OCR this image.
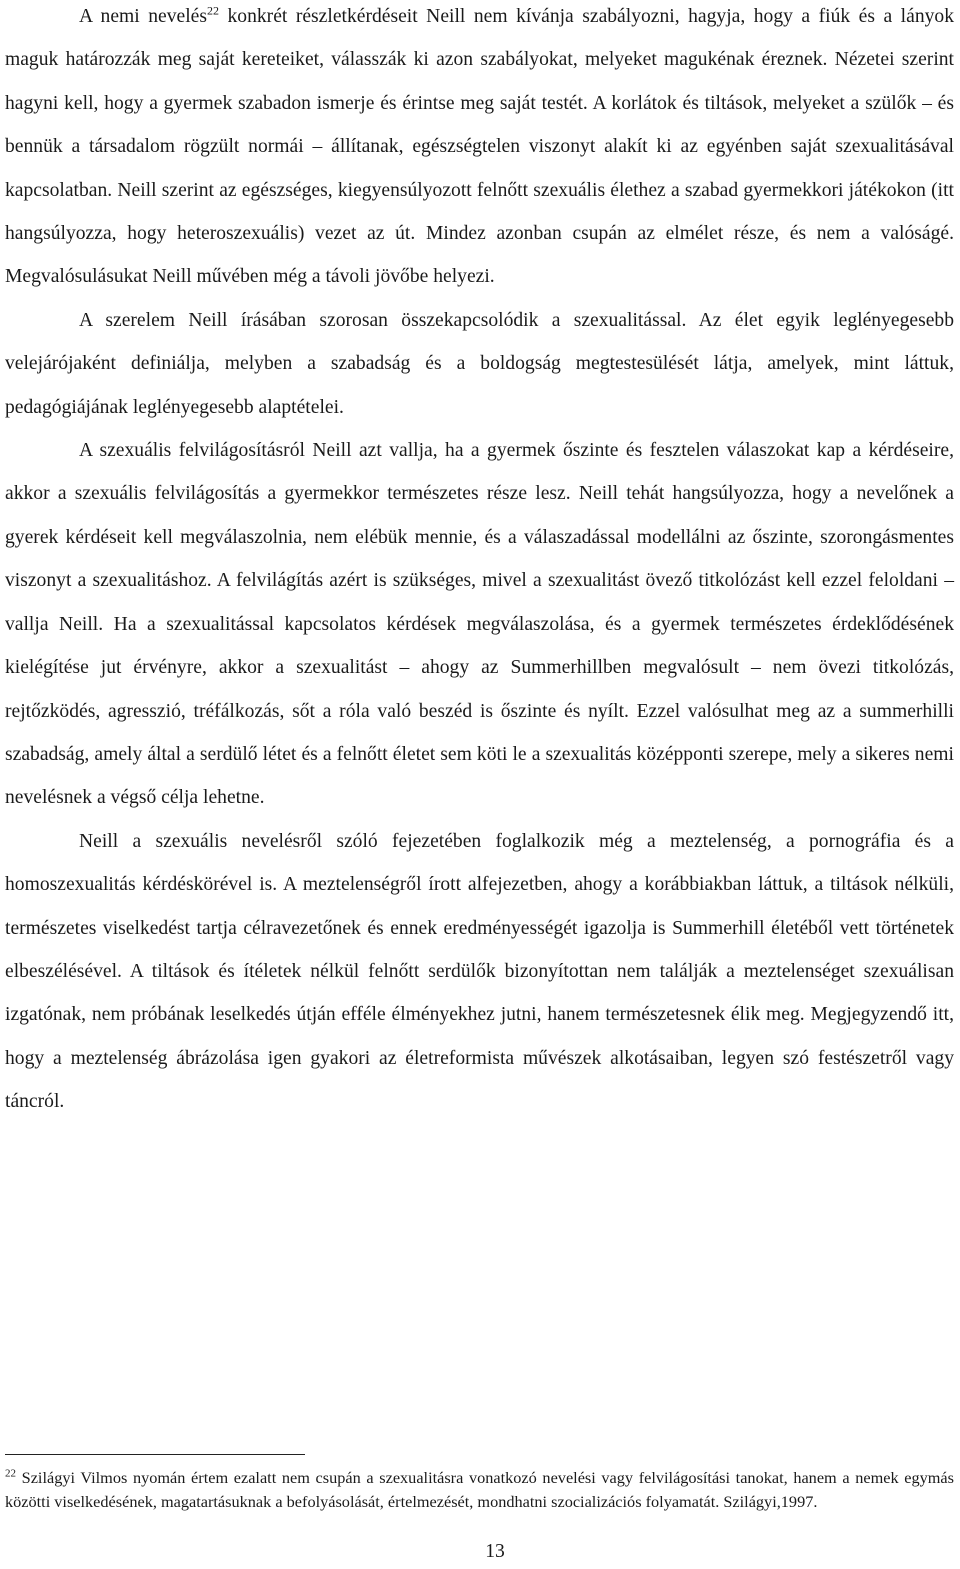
A nemi nevelés$^{22}$ konkrét részletkérdéseit Neill nem kívánja szabályozni, hagyja, hogy a fiúk és a lányok maguk határozzák meg saját kereteiket, válasszák ki azon szabályokat, melyeket magukénak éreznek. Nézetei szerint hagyni kell, hogy a gyermek szabadon ismerje és érintse meg saját testét. A korlátok és tiltások, melyeket a szülők – és bennük a társadalom rögzült normái – állítanak, egészségtelen viszonyt alakít ki az egyénben saját szexualitásával kapcsolatban. Neill szerint az egészséges, kiegyensúlyozott felnőtt szexuális élethez a szabad gyermekkori játékokon (itt hangsúlyozza, hogy heteroszexuális) vezet az út. Mindez azonban csupán az elmélet része, és nem a valóságé. Megvalósulásukat Neill művében még a távoli jövőbe helyezi.

A szerelem Neill írásában szorosan összekapcsolódik a szexualitással. Az élet egyik leglényegesebb velejárójaként definiálja, melyben a szabadság és a boldogság megtestesülését látja, amelyek, mint láttuk, pedagógiájának leglényegesebb alaptételei.

A szexuális felvilágosításról Neill azt vallja, ha a gyermek őszinte és fesztelen válaszokat kap a kérdéseire, akkor a szexuális felvilágosítás a gyermekkor természetes része lesz. Neill tehát hangsúlyozza, hogy a nevelőnek a gyerek kérdéseit kell megválaszolnia, nem elébük mennie, és a válaszadással modellálni az őszinte, szorongásmentes viszonyt a szexualitáshoz. A felvilágítás azért is szükséges, mivel a szexualitást övező titkolózást kell ezzel feloldani – vallja Neill. Ha a szexualitással kapcsolatos kérdések megválaszolása, és a gyermek természetes érdeklődésének kielégítése jut érvényre, akkor a szexualitást – ahogy az Summerhillben megvalósult – nem övezi titkolózás, rejtőzködés, agresszió, tréfálkozás, sőt a róla való beszéd is őszinte és nyílt. Ezzel valósulhat meg az a summerhilli szabadság, amely által a serdülő létet és a felnőtt életet sem köti le a szexualitás középponti szerepe, mely a sikeres nemi nevelésnek a végső célja lehetne.

Neill a szexuális nevelésről szóló fejezetében foglalkozik még a meztelenség, a pornográfia és a homoszexualitás kérdéskörével is. A meztelenségről írott alfejezetben, ahogy a korábbiakban láttuk, a tiltások nélküli, természetes viselkedést tartja célravezetőnek és ennek eredményességét igazolja is Summerhill életéből vett történetek elbeszélésével. A tiltások és ítéletek nélkül felnőtt serdülők bizonyítottan nem találják a meztelenséget szexuálisan izgatónak, nem próbának leselkedés útján efféle élményekhez jutni, hanem természetesnek élik meg. Megjegyzendő itt, hogy a meztelenség ábrázolása igen gyakori az életreformista művészek alkotásaiban, legyen szó festészetről vagy táncról.

$^{22}$ Szilágyi Vilmos nyomán értem ezalatt nem csupán a szexualitásra vonatkozó nevelési vagy felvilágosítási tanokat, hanem a nemek egymás közötti viselkedésének, magatartásuknak a befolyásolását, értelmezését, mondhatni szocializációs folyamatát. Szilágyi,1997.

13
